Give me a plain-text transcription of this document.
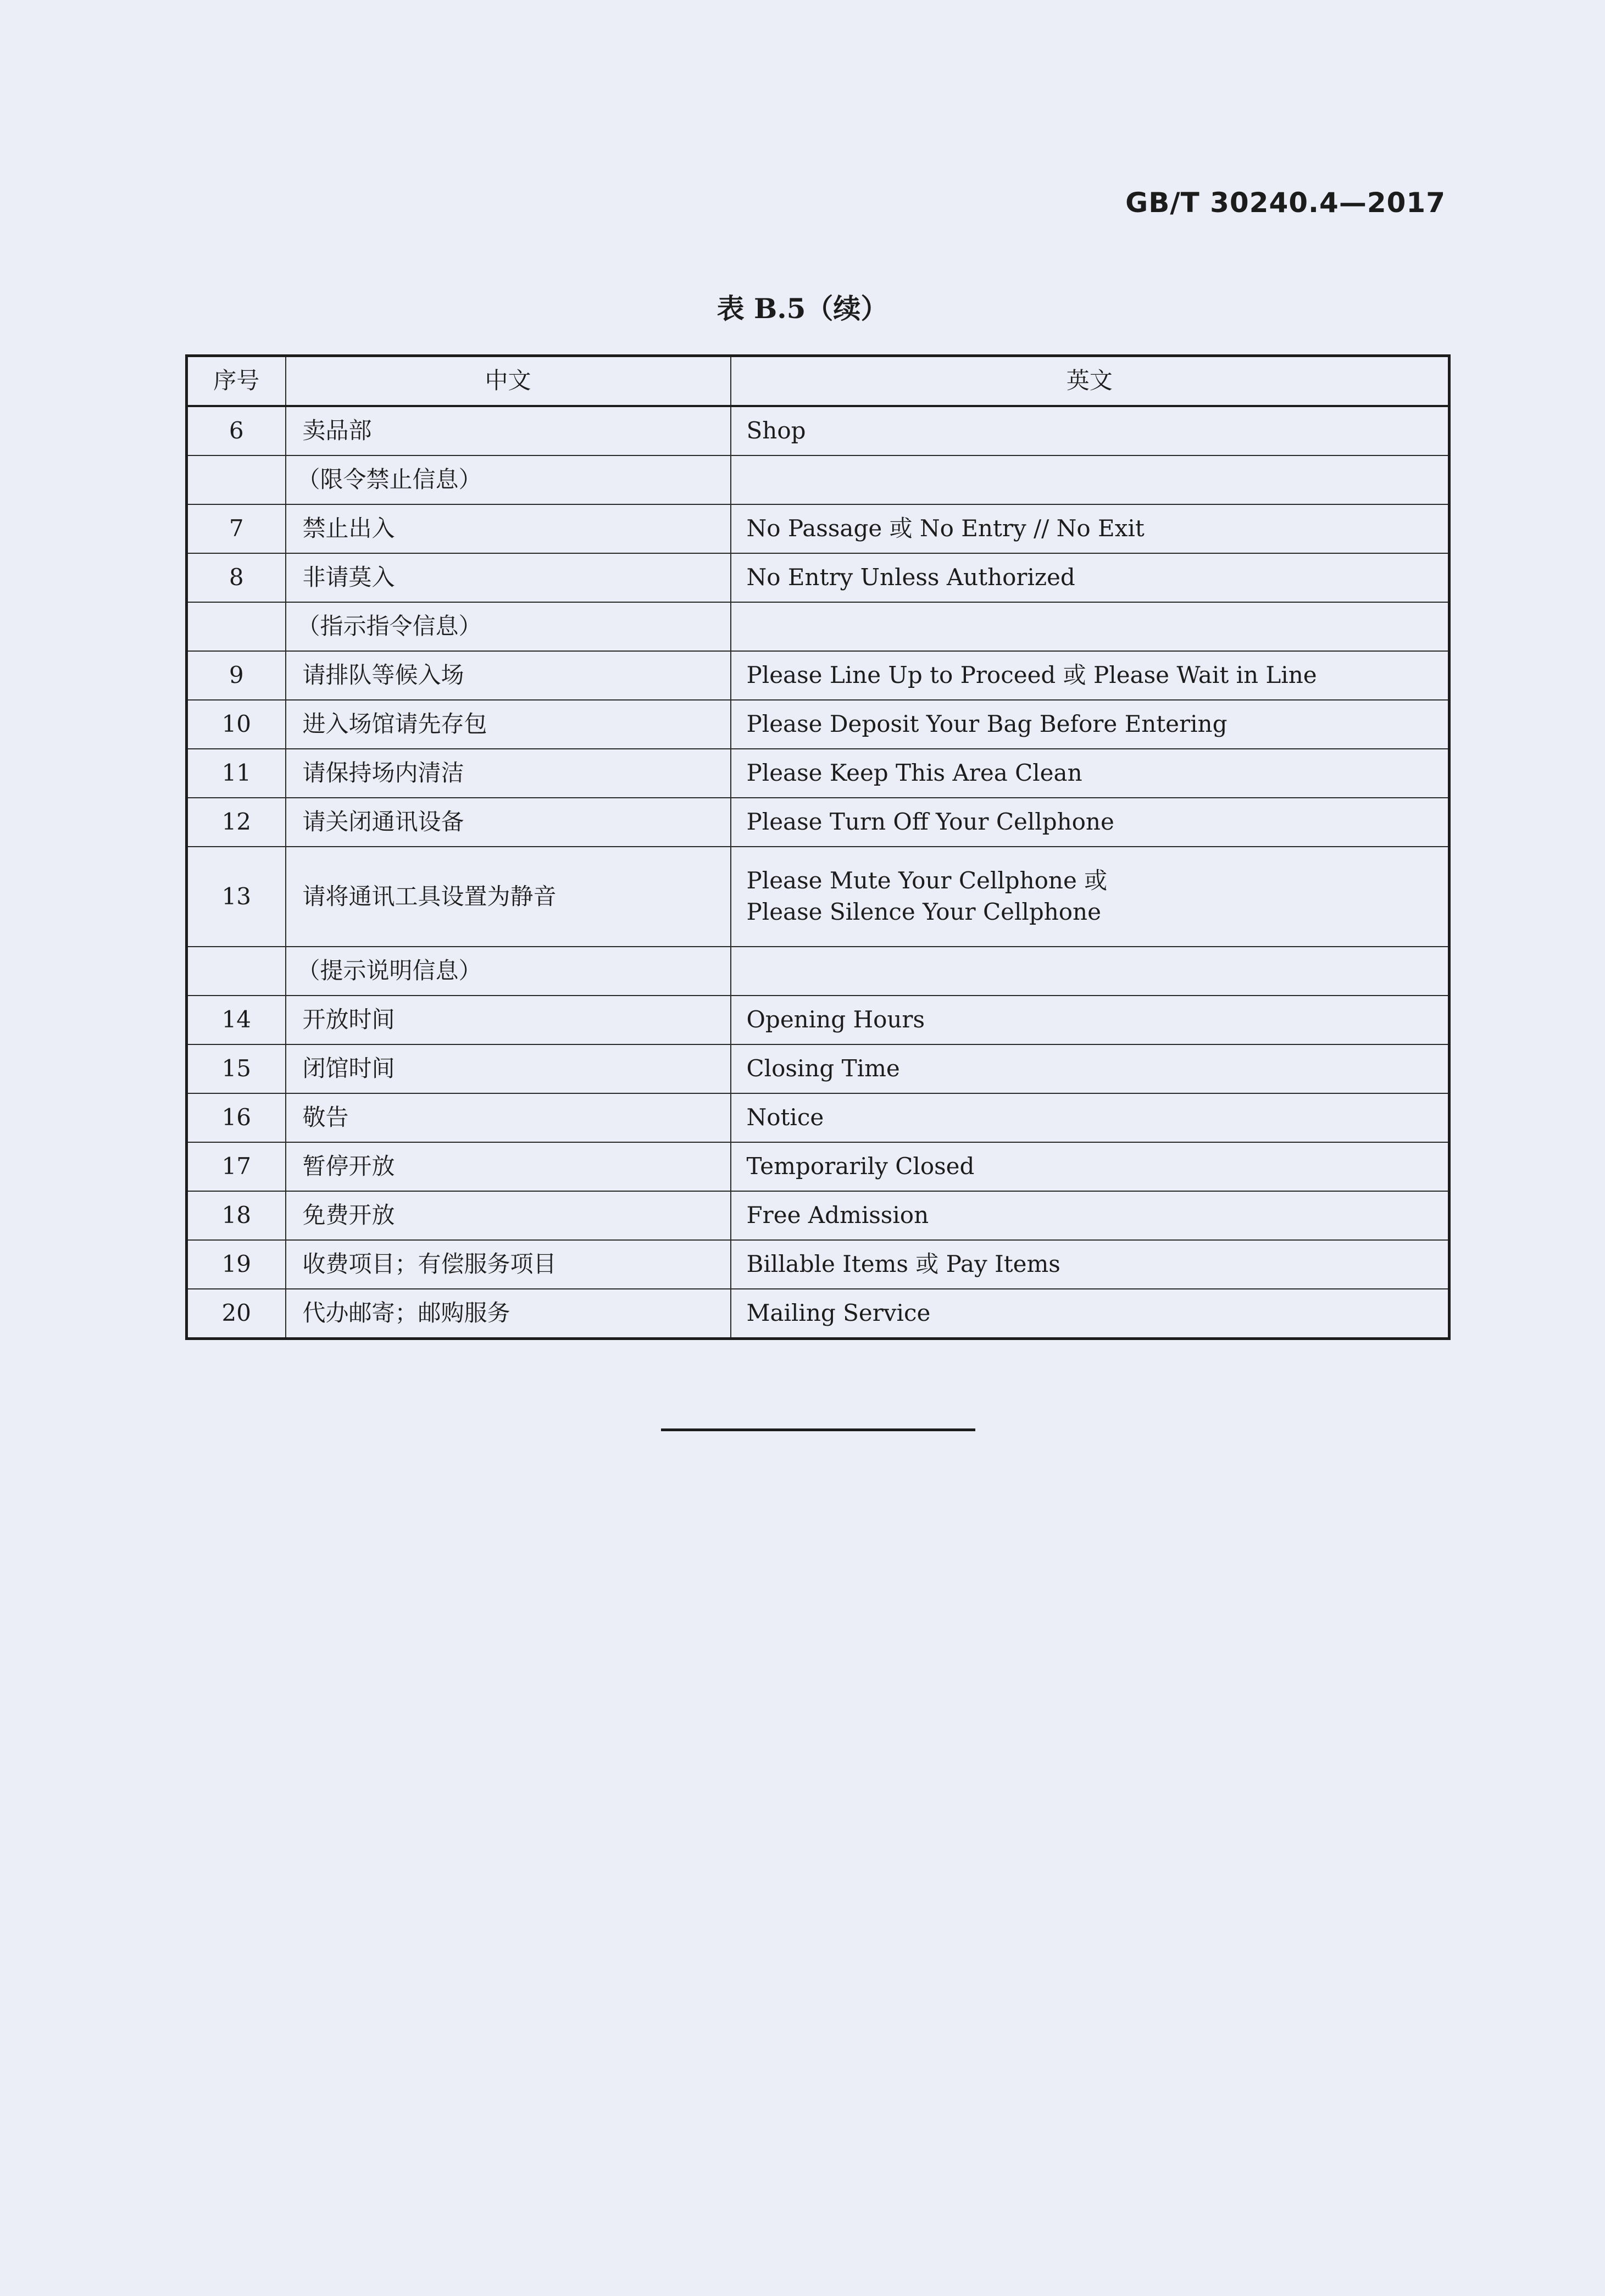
GB/T 30240.4—2017
表 B.5（续）
序号	中文	英文
6	卖品部	Shop

	（限令禁止信息）	
7	禁止出入	No Passage 或 No Entry // No Exit

8	非请莫入	No Entry Unless Authorized

	（指示指令信息）	
9	请排队等候入场	Please Line Up to Proceed 或 Please Wait in Line

10	进入场馆请先存包	Please Deposit Your Bag Before Entering

11	请保持场内清洁	Please Keep This Area Clean

12	请关闭通讯设备	Please Turn Off Your Cellphone

13	请将通讯工具设置为静音	Please Mute Your Cellphone 或
Please Silence Your Cellphone

	（提示说明信息）	
14	开放时间	Opening Hours

15	闭馆时间	Closing Time

16	敬告	Notice

17	暂停开放	Temporarily Closed

18	免费开放	Free Admission

19	收费项目；有偿服务项目	Billable Items 或 Pay Items

20	代办邮寄；邮购服务	Mailing Service
